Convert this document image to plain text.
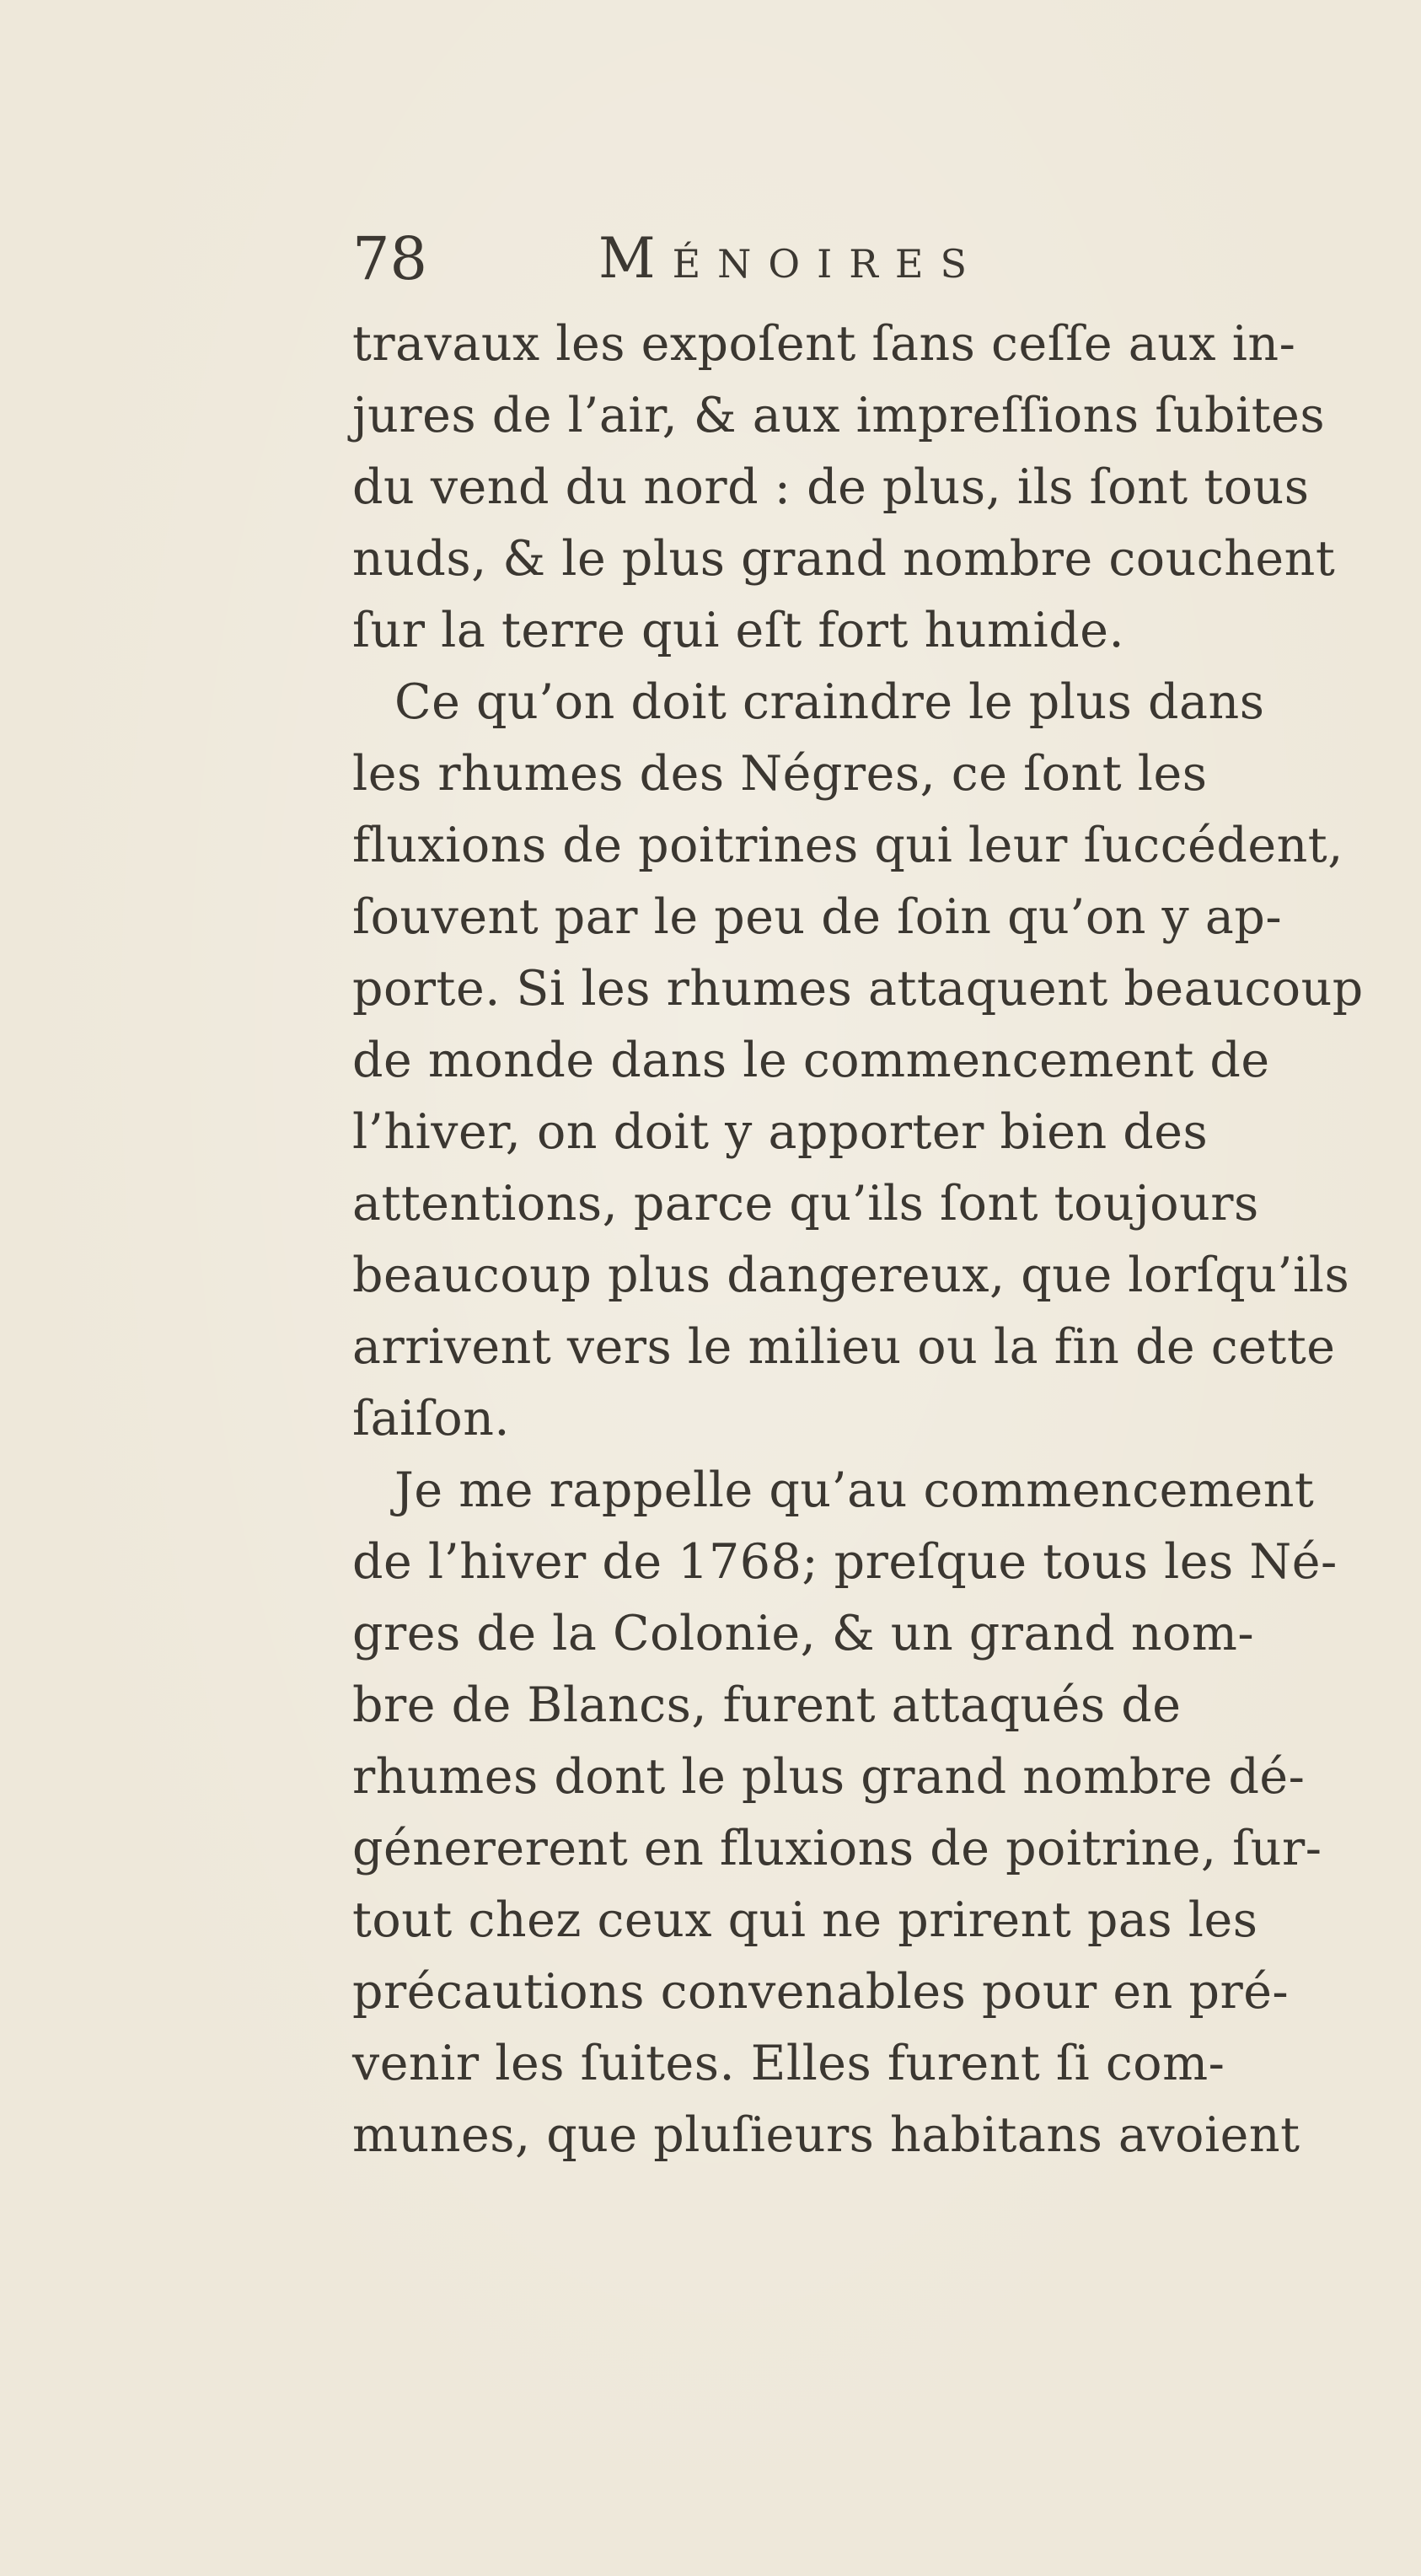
78	Ménoires
travaux les expoſent ſans ceſſe aux in-
jures de l’air, & aux impreſſions ſubites
du vend du nord : de plus, ils ſont tous
nuds, & le plus grand nombre couchent
ſur la terre qui eſt fort humide.
Ce qu’on doit craindre le plus dans
les rhumes des Négres, ce ſont les
fluxions de poitrines qui leur ſuccédent,
ſouvent par le peu de ſoin qu’on y ap-
porte. Si les rhumes attaquent beaucoup
de monde dans le commencement de
l’hiver, on doit y apporter bien des
attentions, parce qu’ils ſont toujours
beaucoup plus dangereux, que lorſqu’ils
arrivent vers le milieu ou la fin de cette
ſaiſon.
Je me rappelle qu’au commencement
de l’hiver de 1768; preſque tous les Né-
gres de la Colonie, & un grand nom-
bre de Blancs, furent attaqués de
rhumes dont le plus grand nombre dé-
génererent en fluxions de poitrine, ſur-
tout chez ceux qui ne prirent pas les
précautions convenables pour en pré-
venir les ſuites. Elles furent ſi com-
munes, que pluſieurs habitans avoient
